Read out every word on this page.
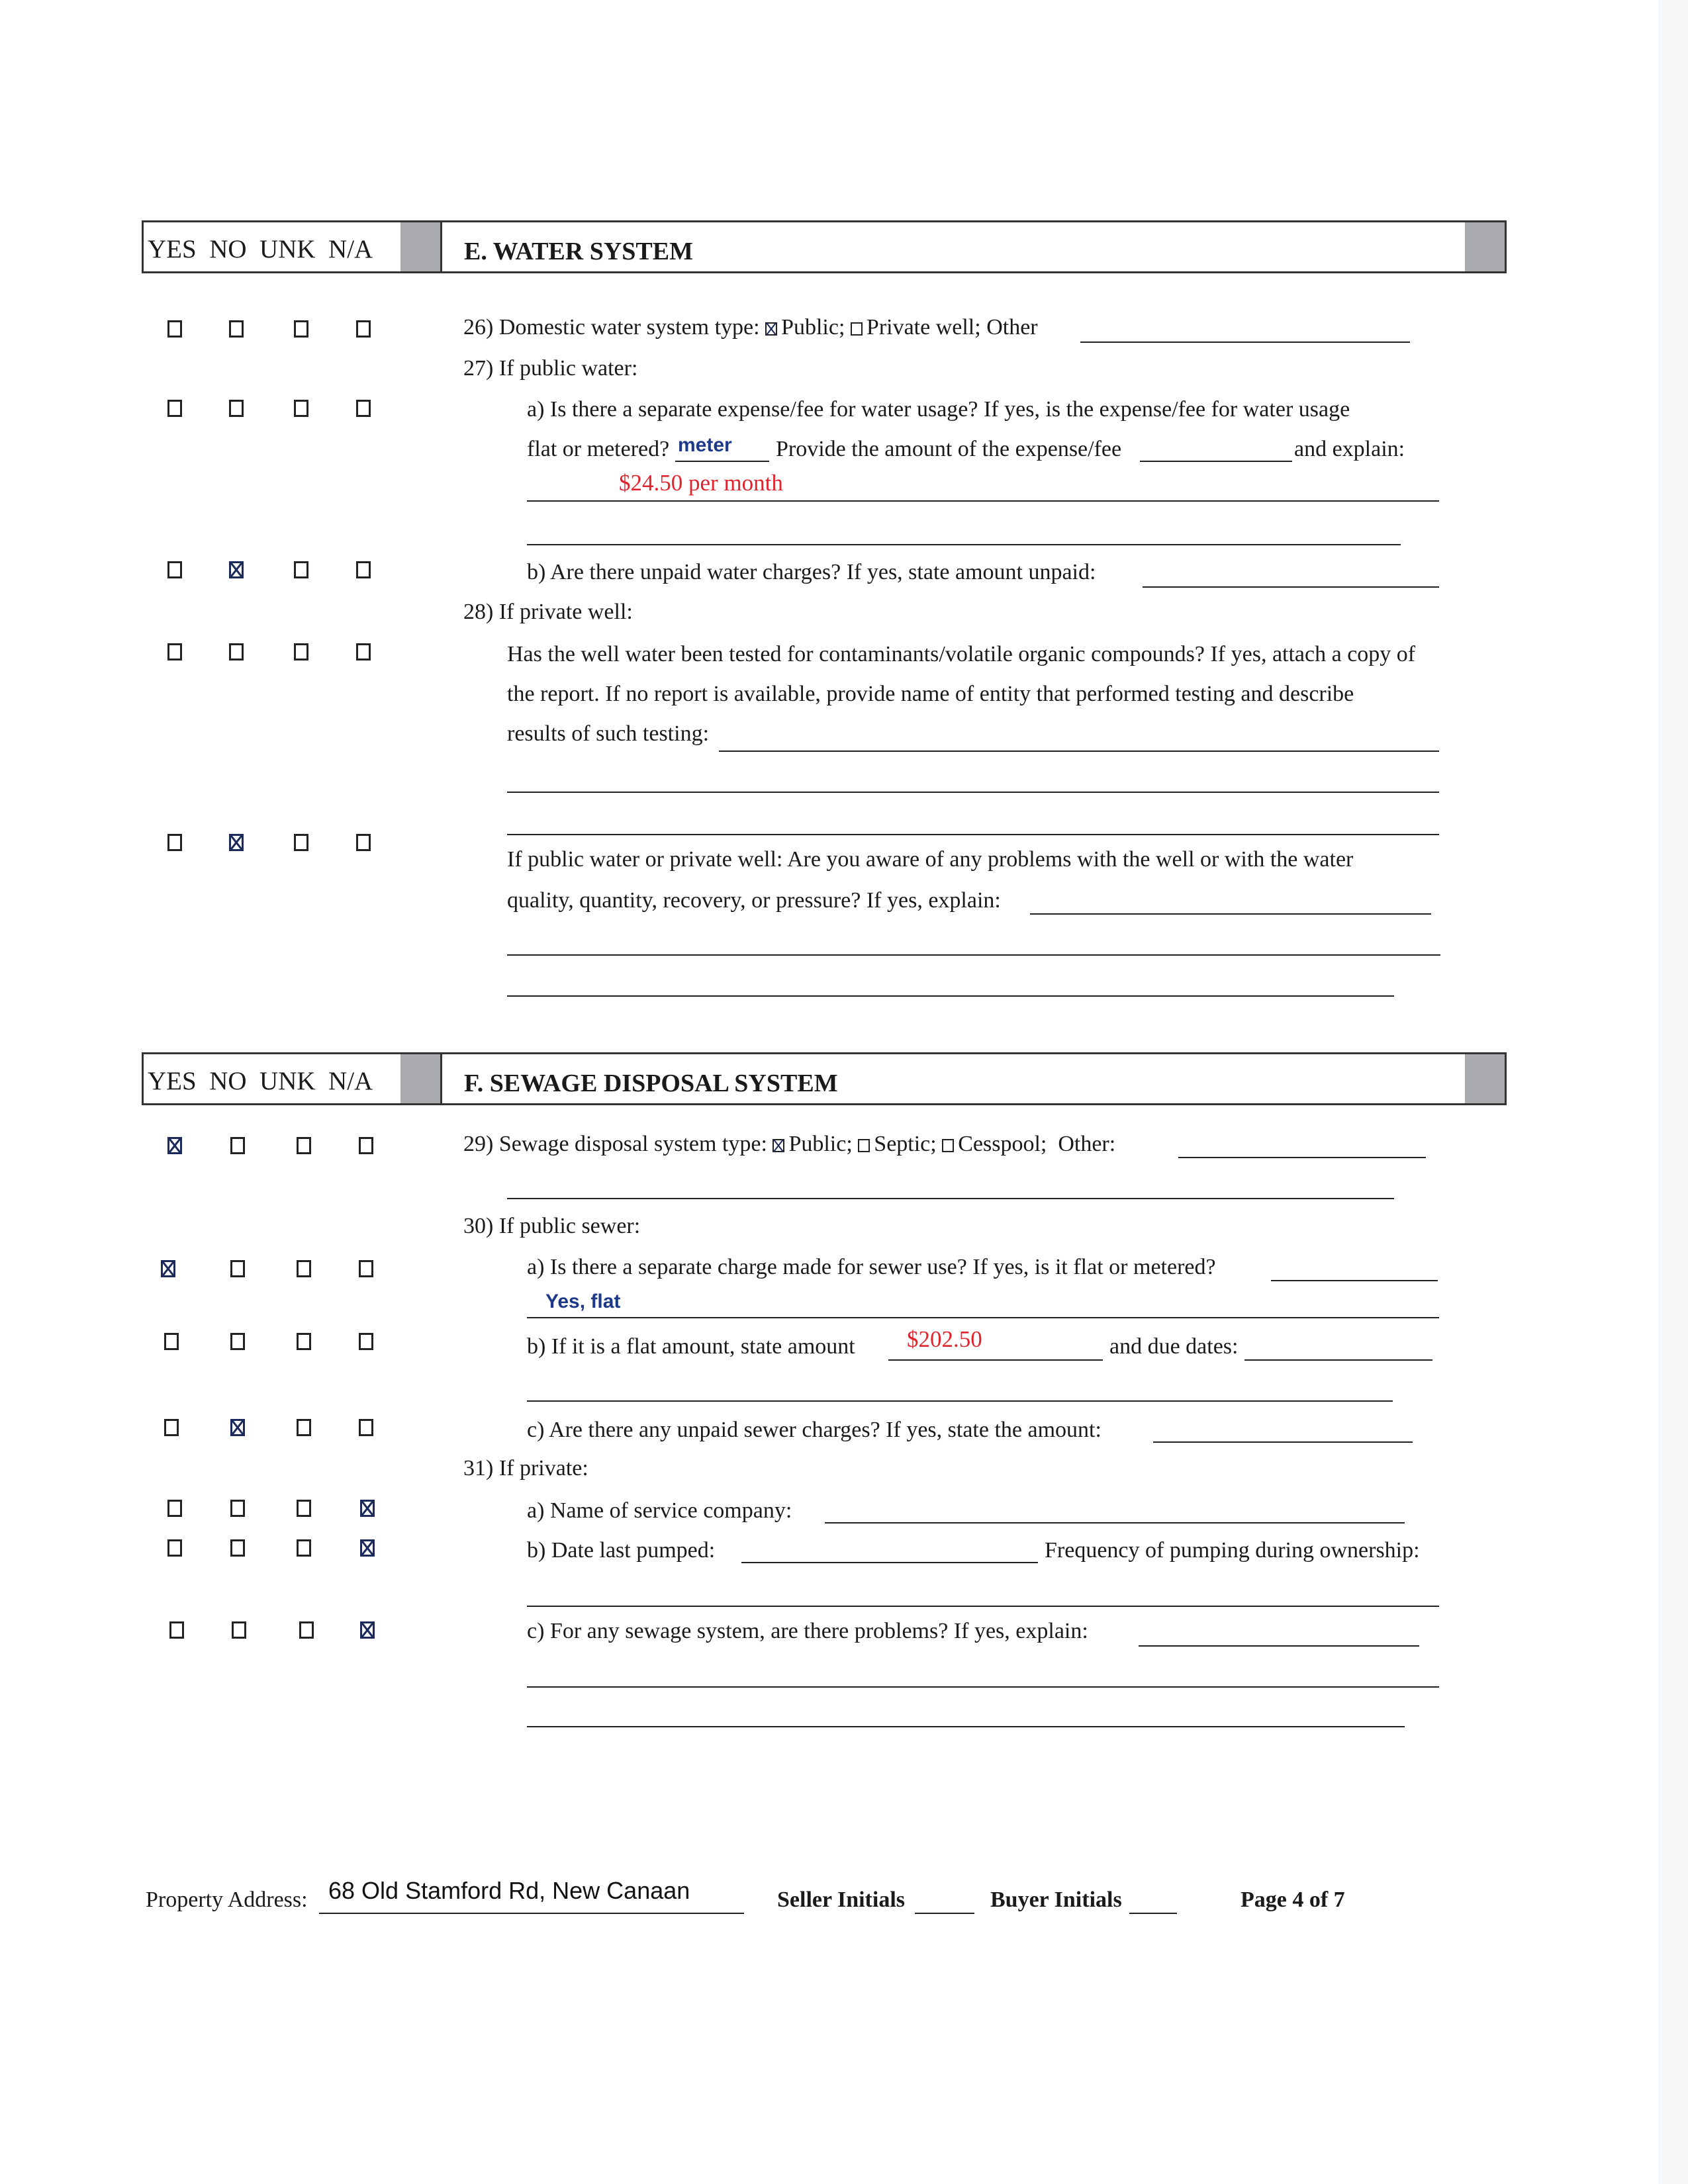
YES NO UNK N/A	E. WATER SYSTEM
26) Domestic water system type: Public; Private well; Other
27) If public water:
a) Is there a separate expense/fee for water usage? If yes, is the expense/fee for water usage
flat or metered? meter Provide the amount of the expense/fee	and explain:
$24.50 per month
b) Are there unpaid water charges? If yes, state amount unpaid:
28) If private well:
Has the well water been tested for contaminants/volatile organic compounds? If yes, attach a copy of
the report. If no report is available, provide name of entity that performed testing and describe
results of such testing:
If public water or private well: Are you aware of any problems with the well or with the water
quality, quantity, recovery, or pressure? If yes, explain:
YES NO UNK N/A	F. SEWAGE DISPOSAL SYSTEM
29) Sewage disposal system type: Public; Septic; Cesspool; Other:
30) If public sewer:
a) Is there a separate charge made for sewer use? If yes, is it flat or metered?
Yes, flat
b) If it is a flat amount, state amount $202.50	and due dates:
c) Are there any unpaid sewer charges? If yes, state the amount:
31) If private:
a) Name of service company:
b) Date last pumped:	Frequency of pumping during ownership:
c) For any sewage system, are there problems? If yes, explain:
Property Address: 68 Old Stamford Rd, New Canaan	Seller Initials	Buyer Initials	Page 4 of 7
